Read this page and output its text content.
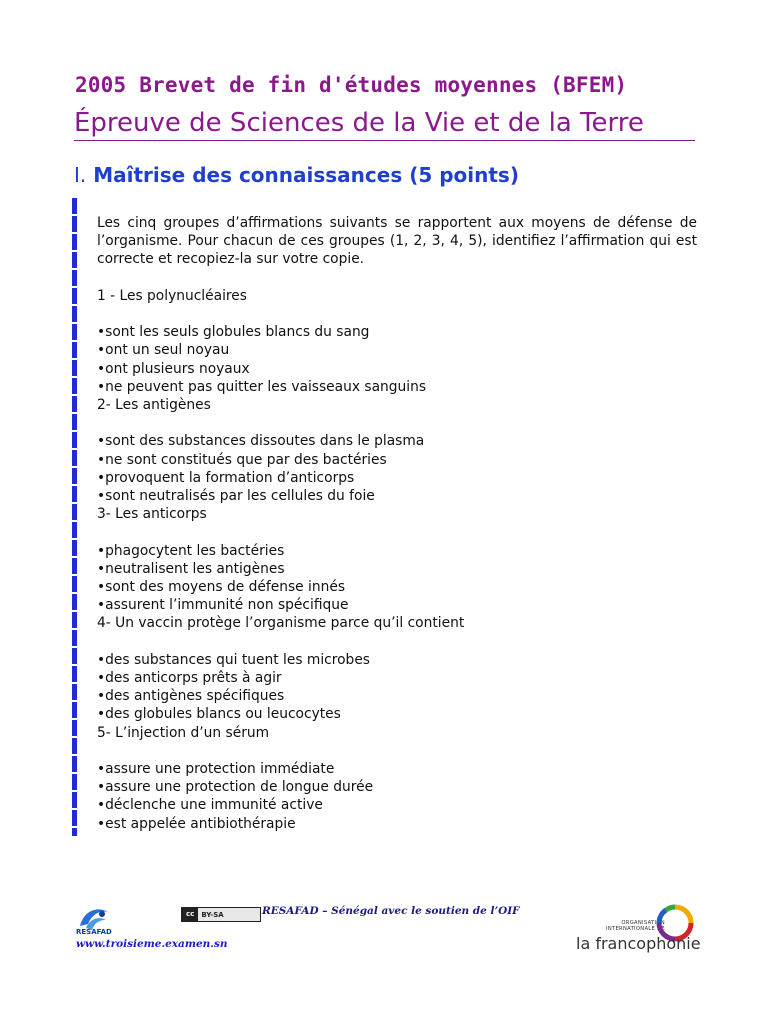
2005 Brevet de fin d'études moyennes (BFEM)
Épreuve de Sciences de la Vie et de la Terre
I. Maîtrise des connaissances (5 points)

Les cinq groupes d’affirmations suivants se rapportent aux moyens de défense de l’organisme. Pour chacun de ces groupes (1, 2, 3, 4, 5), identifiez l’affirmation qui est correcte et recopiez-la sur votre copie.

1 - Les polynucléaires

•sont les seuls globules blancs du sang

•ont un seul noyau

•ont plusieurs noyaux

•ne peuvent pas quitter les vaisseaux sanguins

2- Les antigènes

•sont des substances dissoutes dans le plasma

•ne sont constitués que par des bactéries

•provoquent la formation d’anticorps

•sont neutralisés par les cellules du foie

3- Les anticorps

•phagocytent les bactéries

•neutralisent les antigènes

•sont des moyens de défense innés

•assurent l’immunité non spécifique

4- Un vaccin protège l’organisme parce qu’il contient

•des substances qui tuent les microbes

•des anticorps prêts à agir

•des antigènes spécifiques

•des globules blancs ou leucocytes

5- L’injection d’un sérum

•assure une protection immédiate

•assure une protection de longue durée

•déclenche une immunité active

•est appelée antibiothérapie

RESAFAD
www.troisieme.examen.sn
cc	BY-SA	RESAFAD – Sénégal avec le soutien de l’OIF
ORGANISATION
INTERNATIONALE DE
la francophonie
